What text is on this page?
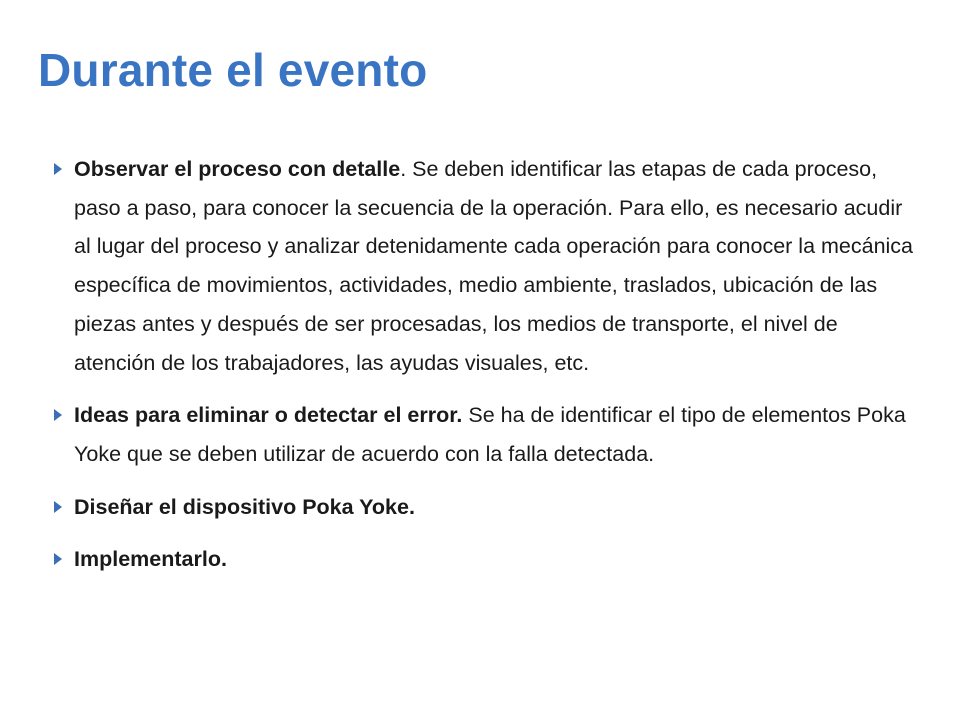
Durante el evento
Observar el proceso con detalle. Se deben identificar las etapas de cada proceso, paso a paso, para conocer la secuencia de la operación. Para ello, es necesario acudir al lugar del proceso y analizar detenidamente cada operación para conocer la mecánica específica de movimientos, actividades, medio ambiente, traslados, ubicación de las piezas antes y después de ser procesadas, los medios de transporte, el nivel de atención de los trabajadores, las ayudas visuales, etc.
Ideas para eliminar o detectar el error. Se ha de identificar el tipo de elementos Poka Yoke que se deben utilizar de acuerdo con la falla detectada.
Diseñar el dispositivo Poka Yoke.
Implementarlo.
